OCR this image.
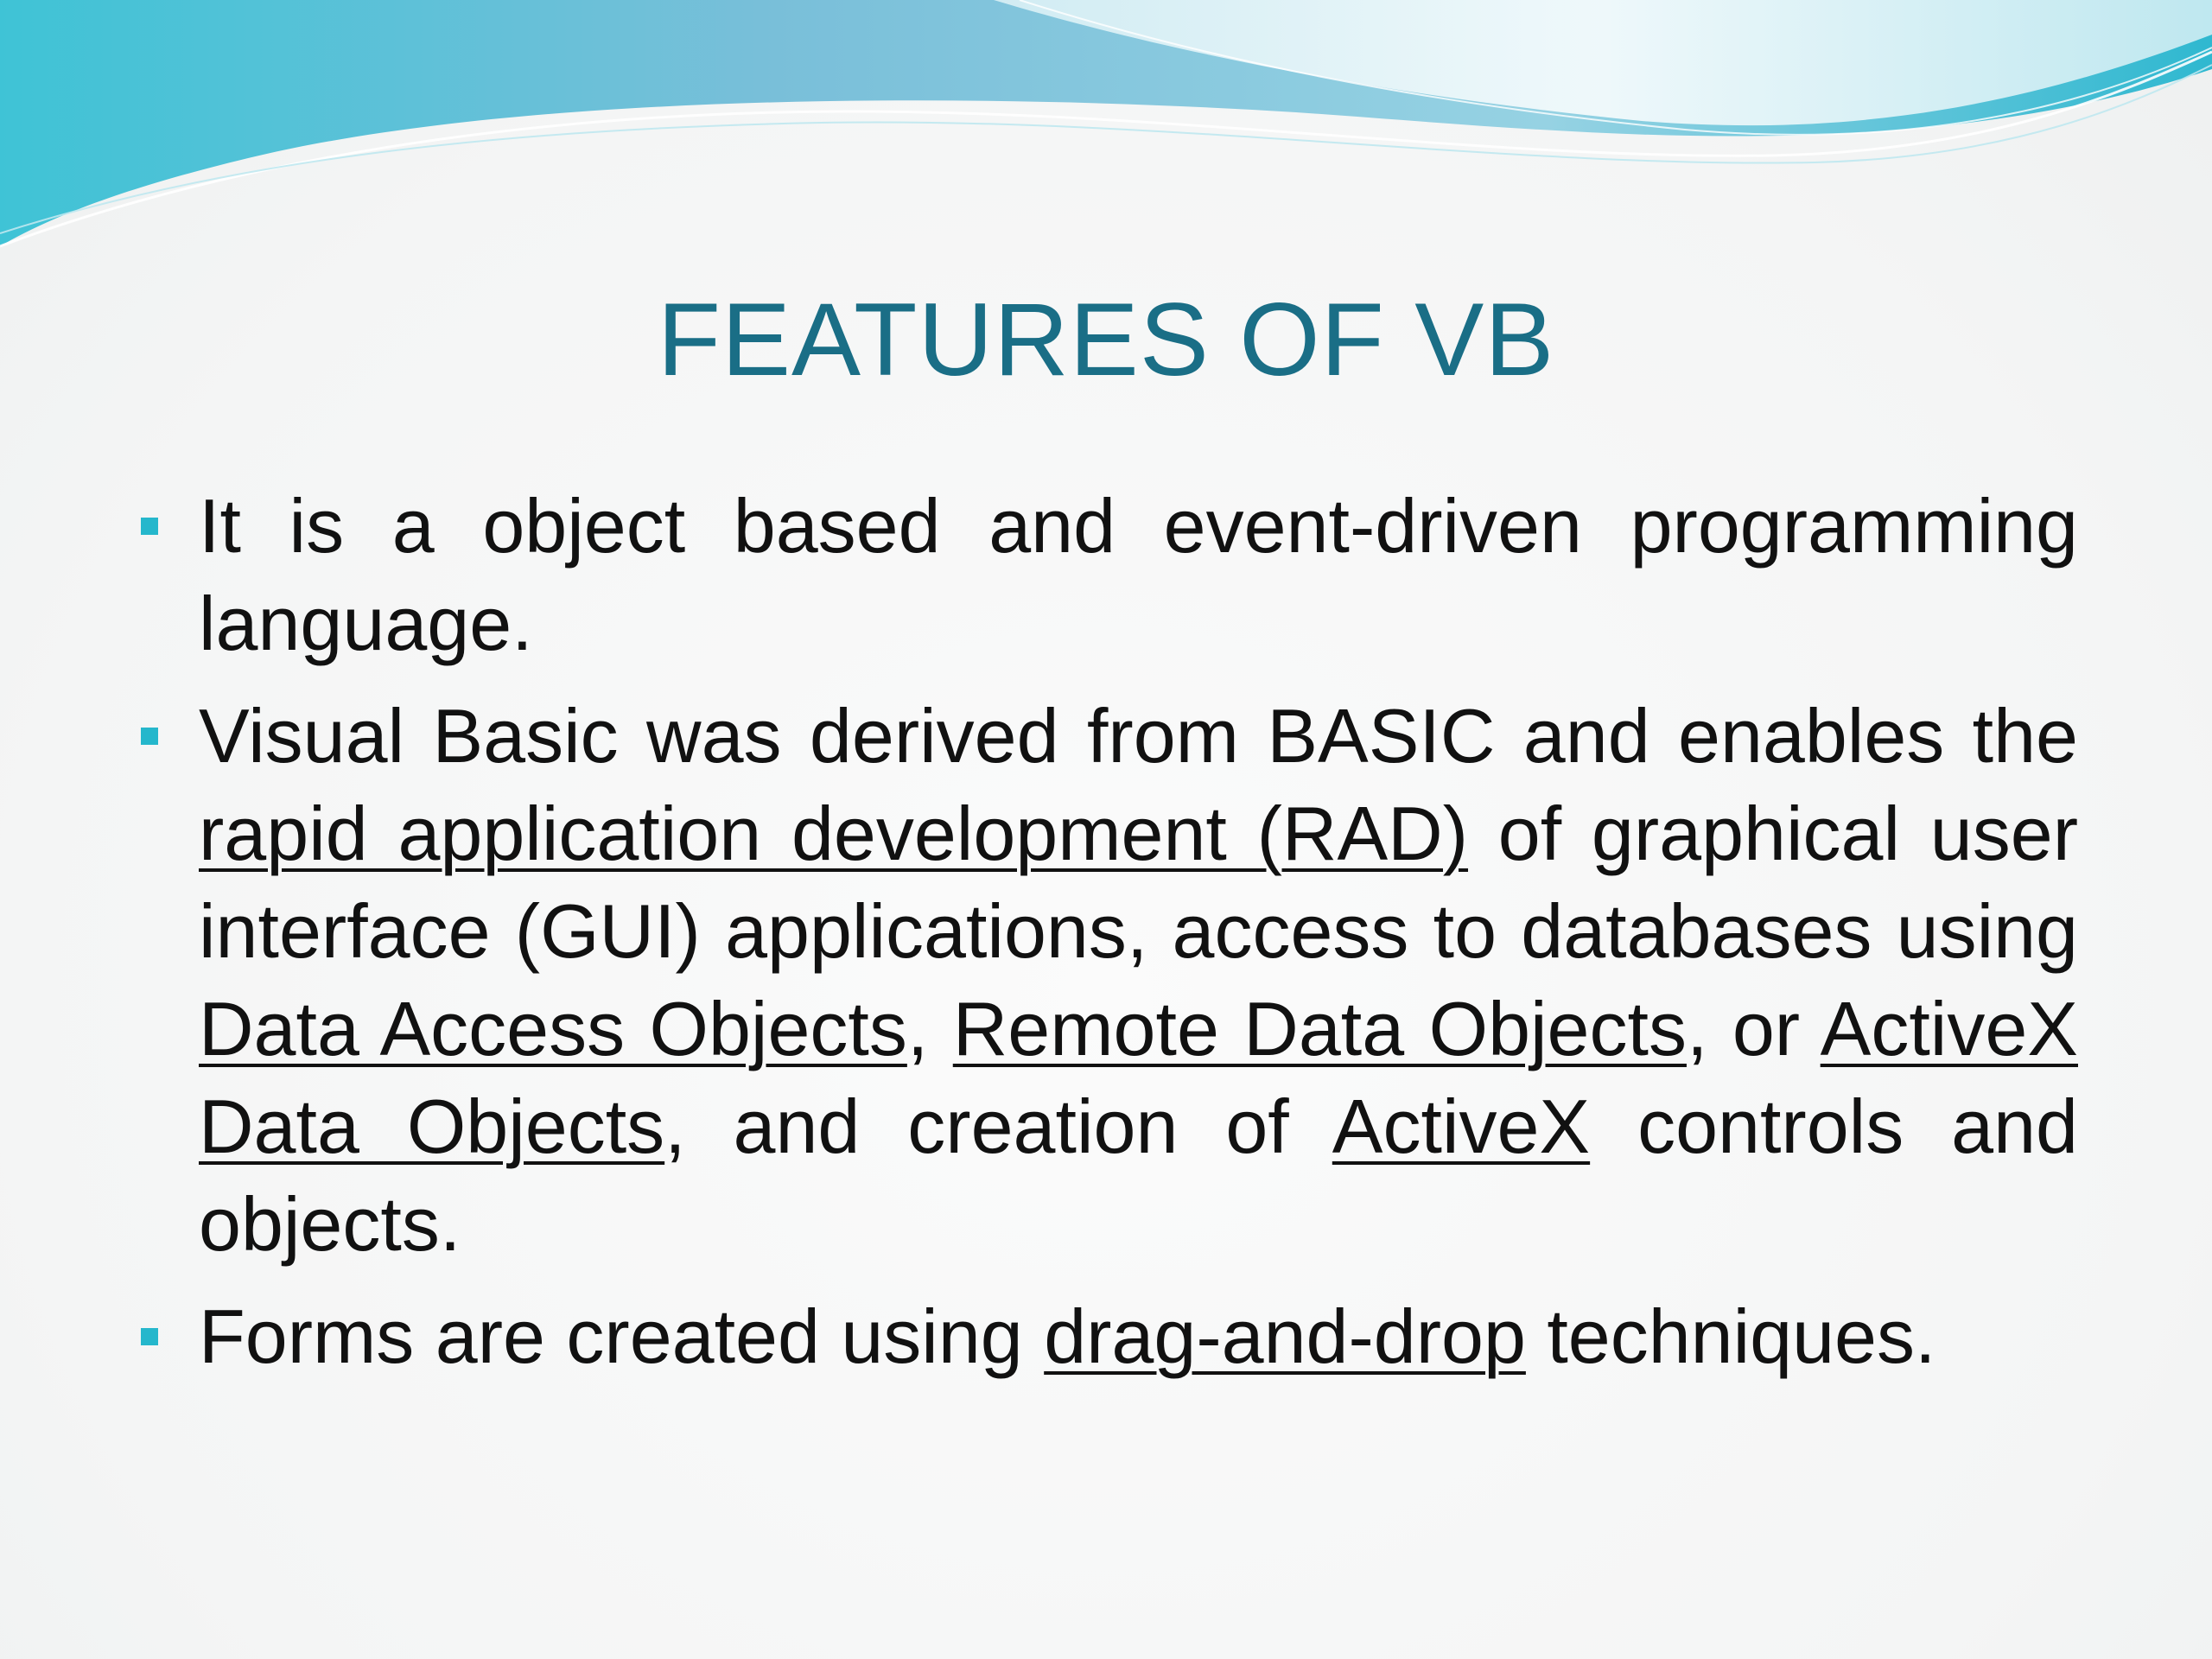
FEATURES OF VB
It is a object based and event-driven programming language.
Visual Basic was derived from BASIC and enables the rapid application development (RAD) of graphical user interface (GUI) applications, access to databases using Data Access Objects, Remote Data Objects, or ActiveX Data Objects, and creation of ActiveX controls and objects.
Forms are created using drag-and-drop techniques.
